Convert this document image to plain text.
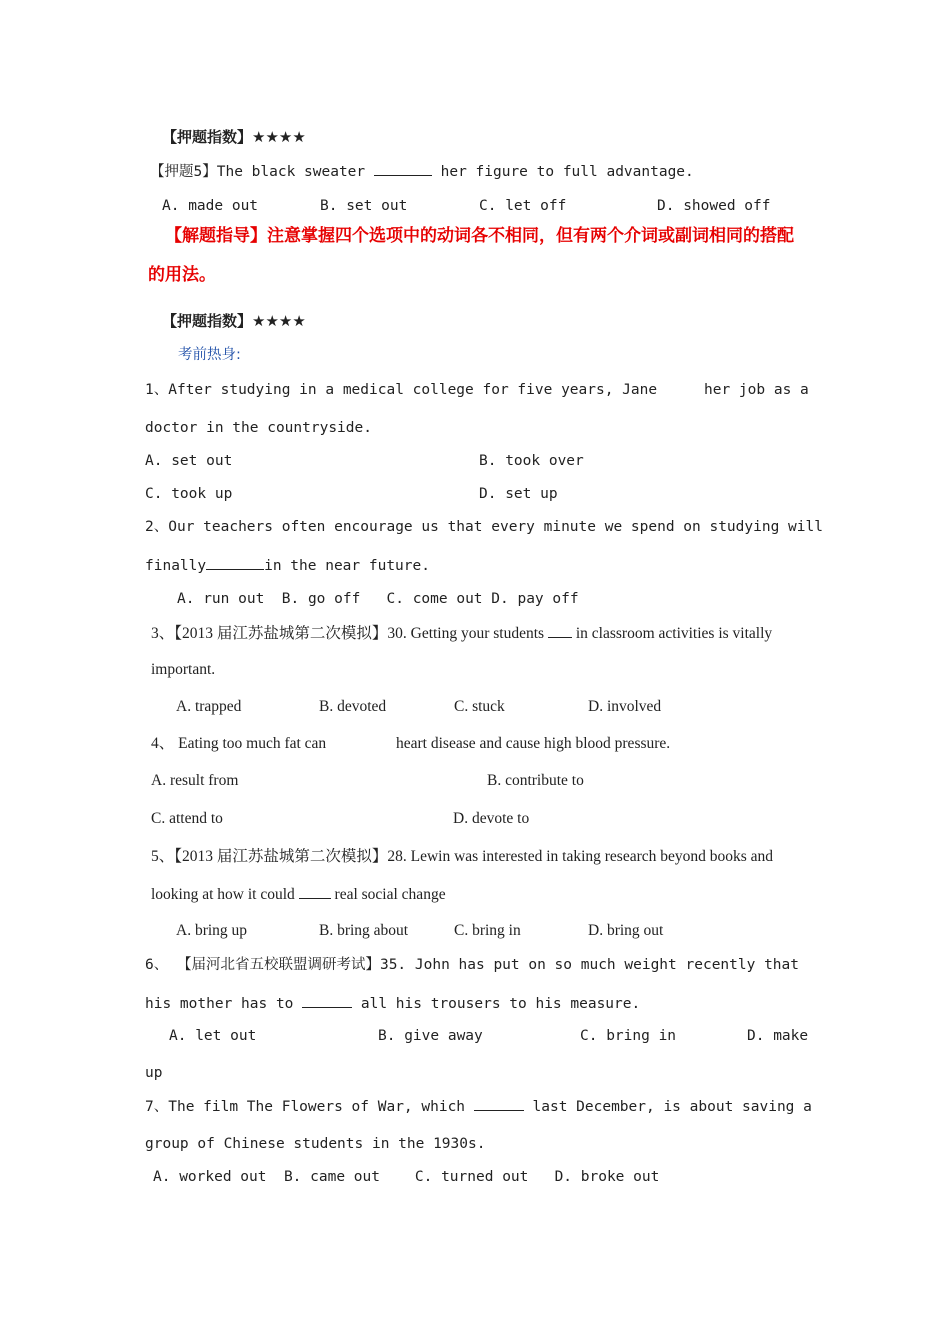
【押题指数】★★★★
【押题5】The black sweater	her figure to full advantage.
A. made out	B. set out	C. let off	D. showed off
【解题指导】注意掌握四个选项中的动词各不相同，但有两个介词或副词相同的搭配
的用法。
【押题指数】★★★★
考前热身:
1、After studying in a medical college for five years, Jane	her job as a
doctor in the countryside.
A. set out	B. took over
C. took up	D. set up
2、Our teachers often encourage us that every minute we spend on studying will
finally	in the near future.
A. run out  B. go off   C. come out D. pay off
3、【2013 届江苏盐城第二次模拟】30. Getting your students  in classroom activities is vitally
important.
A. trapped	B. devoted	C. stuck	D. involved
4、 Eating too much fat can	heart disease and cause high blood pressure.
A. result from	B. contribute to
C. attend to	D. devote to
5、【2013 届江苏盐城第二次模拟】28. Lewin was interested in taking research beyond books and
looking at how it could  real social change
A. bring up	B. bring about	C. bring in	D. bring out
6、 【届河北省五校联盟调研考试】35. John has put on so much weight recently that
his mother has to	all his trousers to his measure.
A. let out	B. give away	C. bring in	D. make
up
7、The film The Flowers of War, which	last December, is about saving a
group of Chinese students in the 1930s.
A. worked out  B. came out    C. turned out   D. broke out
